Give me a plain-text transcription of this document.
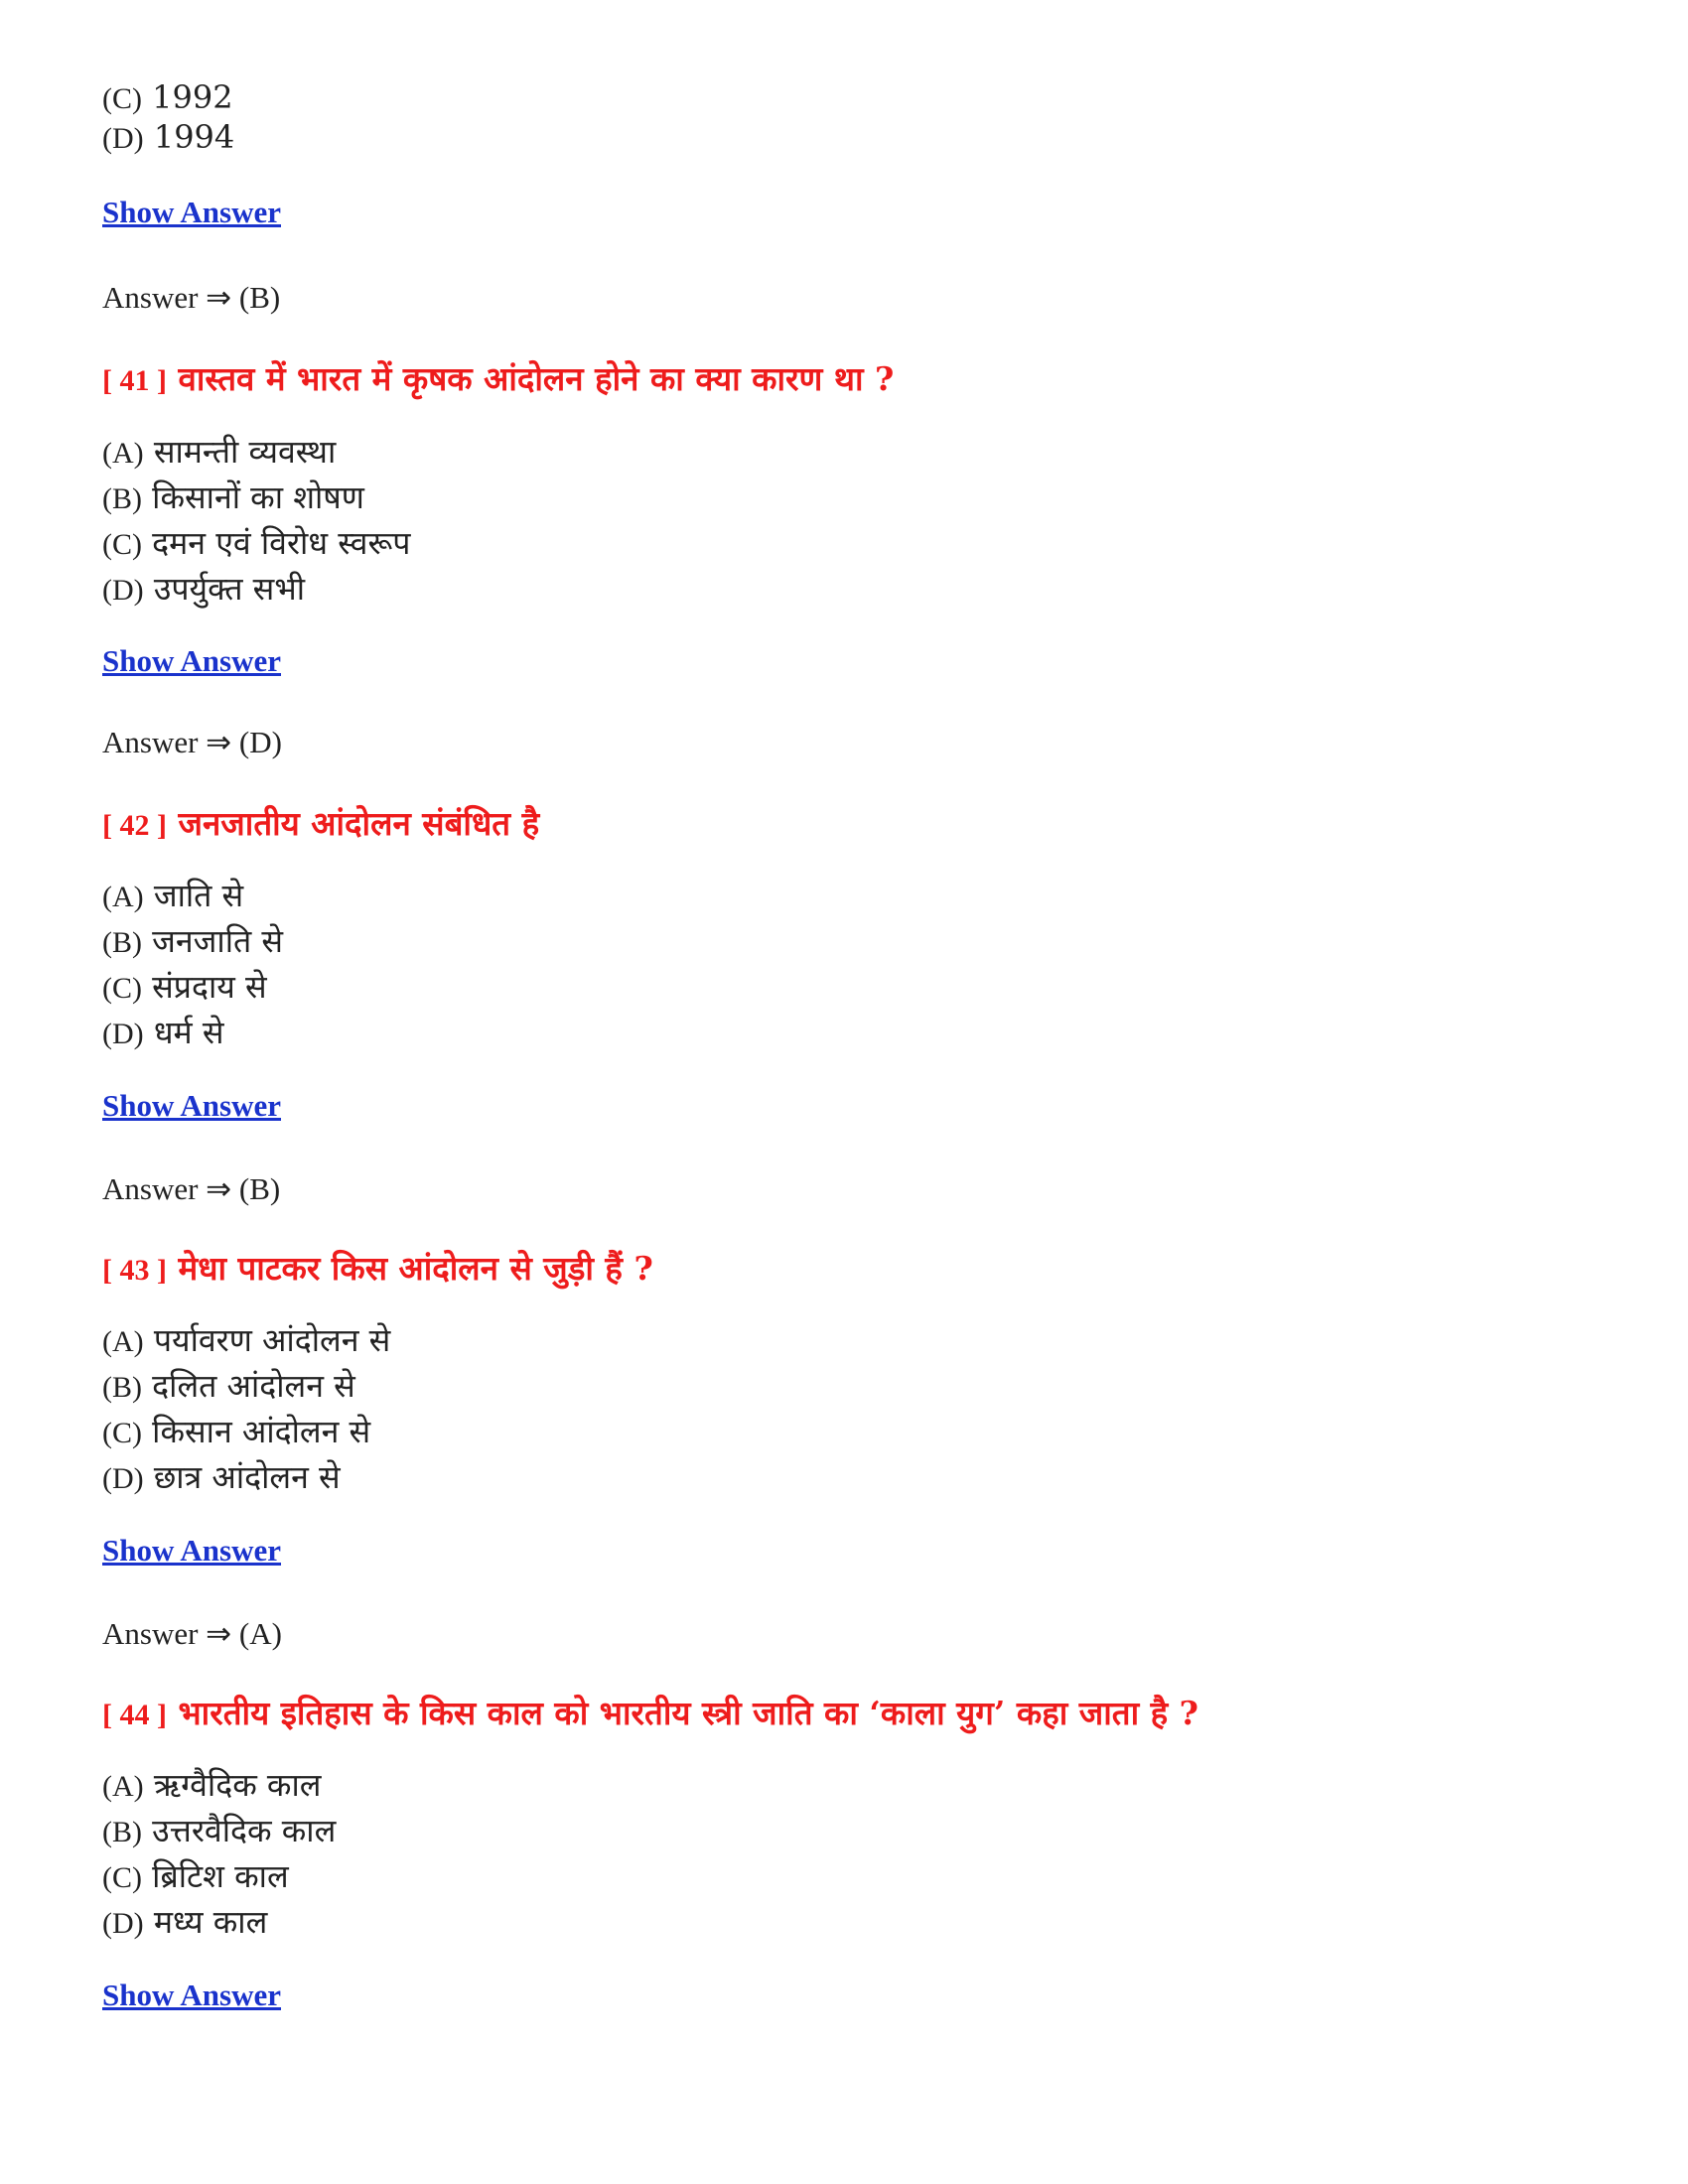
(C) 1992
(D) 1994
Show Answer
Answer ⇒ (B)
[ 41 ] वास्तव में भारत में कृषक आंदोलन होने का क्या कारण था ?
(A) सामन्ती व्यवस्था
(B) किसानों का शोषण
(C) दमन एवं विरोध स्वरूप
(D) उपर्युक्त सभी
Show Answer
Answer ⇒ (D)
[ 42 ] जनजातीय आंदोलन संबंधित है
(A) जाति से
(B) जनजाति से
(C) संप्रदाय से
(D) धर्म से
Show Answer
Answer ⇒ (B)
[ 43 ] मेधा पाटकर किस आंदोलन से जुड़ी हैं ?
(A) पर्यावरण आंदोलन से
(B) दलित आंदोलन से
(C) किसान आंदोलन से
(D) छात्र आंदोलन से
Show Answer
Answer ⇒ (A)
[ 44 ] भारतीय इतिहास के किस काल को भारतीय स्त्री जाति का ‘काला युग’ कहा जाता है ?
(A) ऋग्वैदिक काल
(B) उत्तरवैदिक काल
(C) ब्रिटिश काल
(D) मध्य काल
Show Answer
